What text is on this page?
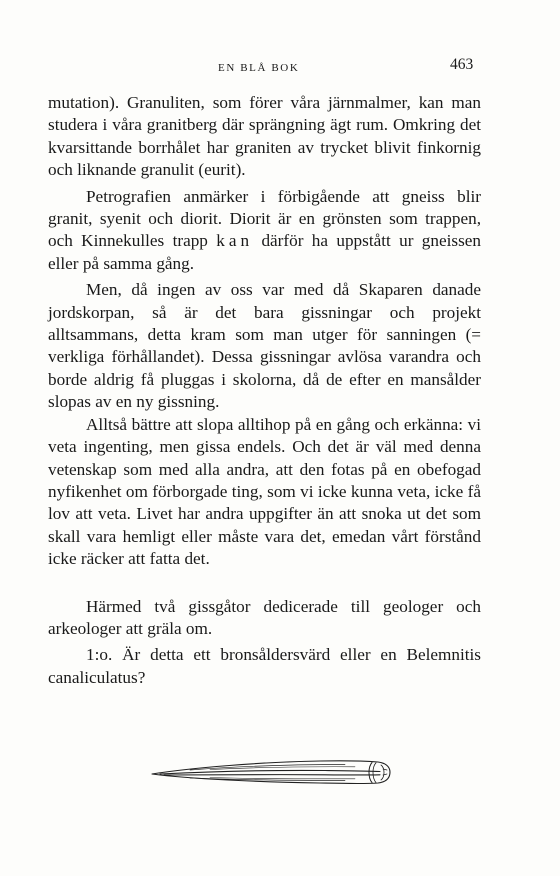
EN BLÅ BOK	463

mutation). Granuliten, som förer våra järnmalmer, kan man studera i våra granitberg där sprängning ägt rum. Omkring det kvarsittande borrhålet har graniten av trycket blivit finkornig och liknande granulit (eurit).

Petrografien anmärker i förbigående att gneiss blir granit, syenit och diorit. Diorit är en grönsten som trappen, och Kinnekulles trapp kan därför ha uppstått ur gneissen eller på samma gång.

Men, då ingen av oss var med då Skaparen danade jordskorpan, så är det bara gissningar och projekt alltsammans, detta kram som man utger för sanningen (= verkliga förhållandet). Dessa gissningar avlösa varandra och borde aldrig få pluggas i skolorna, då de efter en mansålder slopas av en ny gissning.

Alltså bättre att slopa alltihop på en gång och erkänna: vi veta ingenting, men gissa endels. Och det är väl med denna vetenskap som med alla andra, att den fotas på en obefogad nyfikenhet om förborgade ting, som vi icke kunna veta, icke få lov att veta. Livet har andra uppgifter än att snoka ut det som skall vara hemligt eller måste vara det, emedan vårt förstånd icke räcker att fatta det.

Härmed två gissgåtor dedicerade till geologer och arkeologer att gräla om.

1:o. Är detta ett bronsåldersvärd eller en Belemnitis canaliculatus?
